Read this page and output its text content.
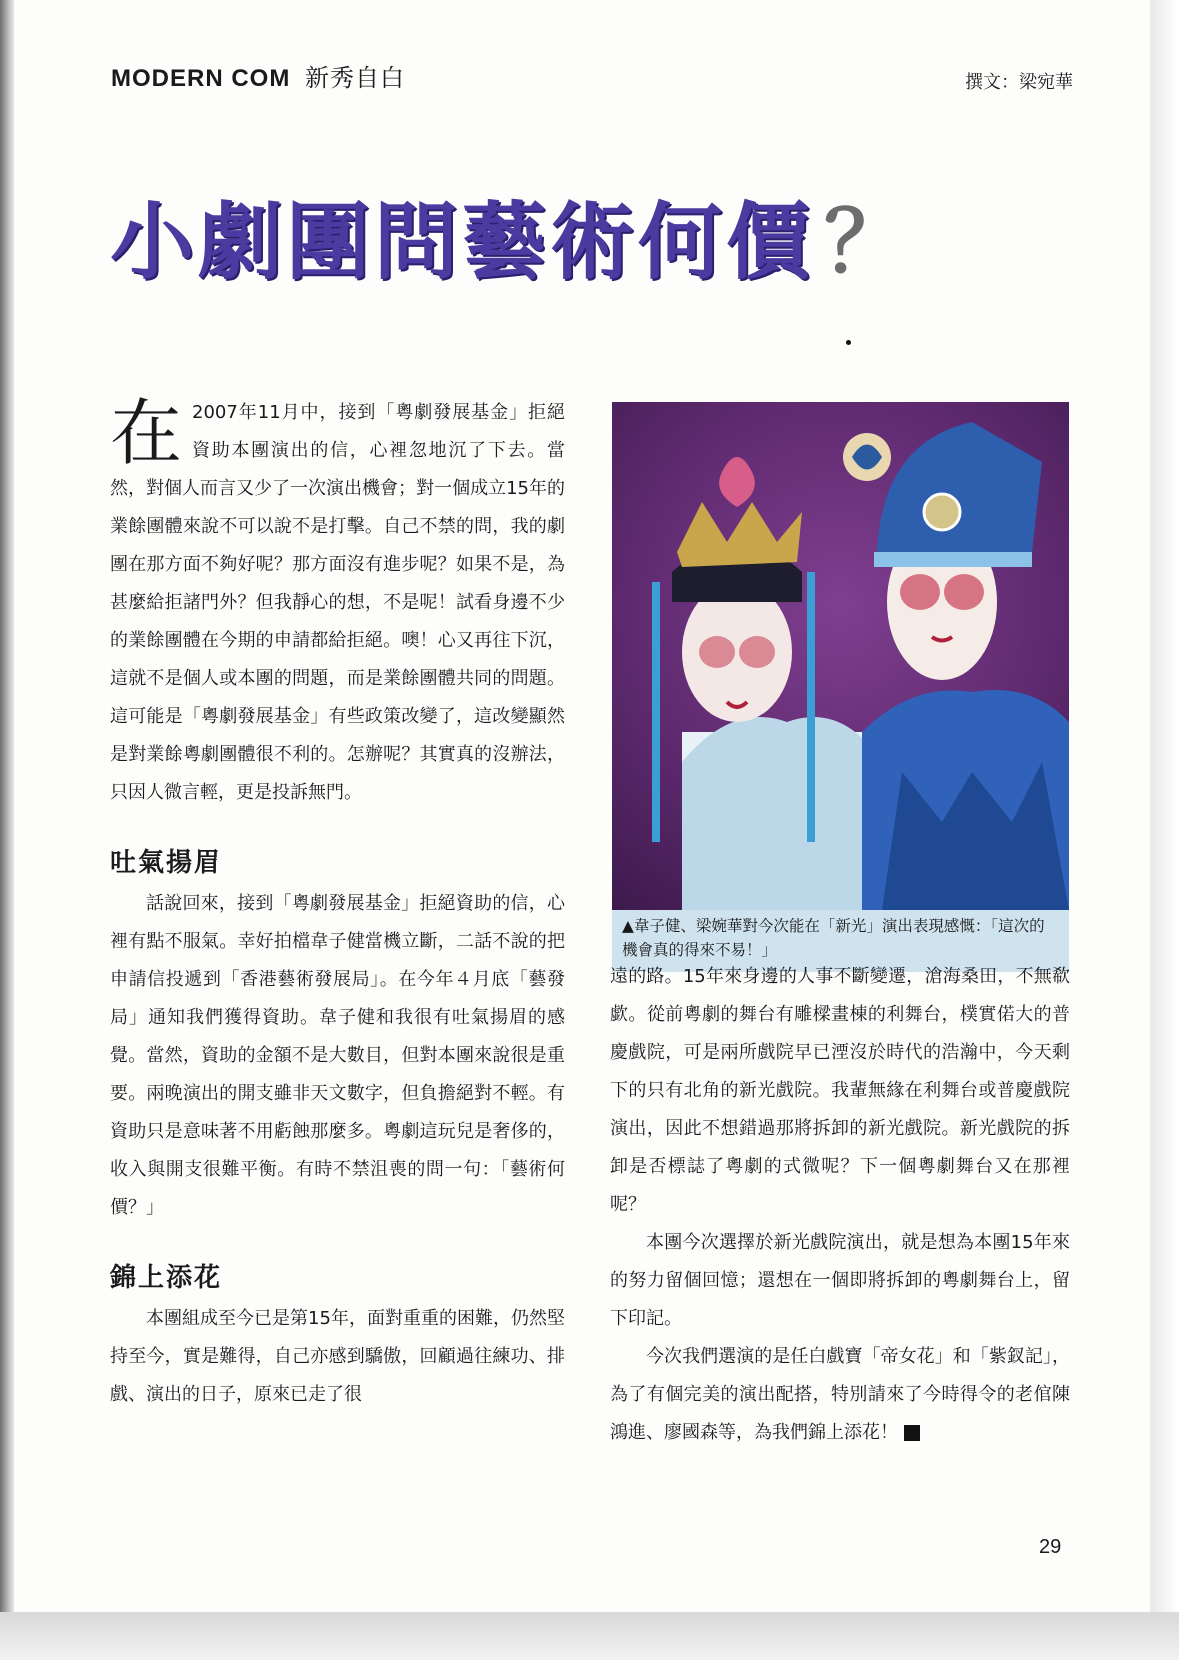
MODERN COM 新秀自白	撰文：梁宛華
小劇團問藝術何價 ？

在 2007年11月中，接到「粵劇發展基金」拒絕資助本團演出的信，心裡忽地沉了下去。當然，對個人而言又少了一次演出機會；對一個成立15年的業餘團體來說不可以說不是打擊。自己不禁的問，我的劇團在那方面不夠好呢？那方面沒有進步呢？如果不是，為甚麼給拒諸門外？但我靜心的想，不是呢！試看身邊不少的業餘團體在今期的申請都給拒絕。噢！心又再往下沉，這就不是個人或本團的問題，而是業餘團體共同的問題。這可能是「粵劇發展基金」有些政策改變了，這改變顯然是對業餘粵劇團體很不利的。怎辦呢？其實真的沒辦法，只因人微言輕，更是投訴無門。

吐氣揚眉

話說回來，接到「粵劇發展基金」拒絕資助的信，心裡有點不服氣。幸好拍檔韋子健當機立斷，二話不說的把申請信投遞到「香港藝術發展局」。在今年４月底「藝發局」通知我們獲得資助。韋子健和我很有吐氣揚眉的感覺。當然，資助的金額不是大數目，但對本團來說很是重要。兩晚演出的開支雖非天文數字，但負擔絕對不輕。有資助只是意味著不用虧蝕那麼多。粵劇這玩兒是奢侈的，收入與開支很難平衡。有時不禁沮喪的問一句：「藝術何價？」

錦上添花

本團組成至今已是第15年，面對重重的困難，仍然堅持至今，實是難得，自己亦感到驕傲，回顧過往練功、排戲、演出的日子，原來已走了很

▲韋子健、梁婉華對今次能在「新光」演出表現感慨：「這次的機會真的得來不易！」

遠的路。15年來身邊的人事不斷變遷，滄海桑田，不無欷歔。從前粵劇的舞台有雕樑畫棟的利舞台，樸實偌大的普慶戲院，可是兩所戲院早已湮沒於時代的浩瀚中，今天剩下的只有北角的新光戲院。我輩無緣在利舞台或普慶戲院演出，因此不想錯過那將拆卸的新光戲院。新光戲院的拆卸是否標誌了粵劇的式微呢？下一個粵劇舞台又在那裡呢？

本團今次選擇於新光戲院演出，就是想為本團15年來的努力留個回憶；還想在一個即將拆卸的粵劇舞台上，留下印記。

今次我們選演的是任白戲寶「帝女花」和「紫釵記」，為了有個完美的演出配搭，特別請來了今時得令的老倌陳鴻進、廖國森等，為我們錦上添花！	M

29
